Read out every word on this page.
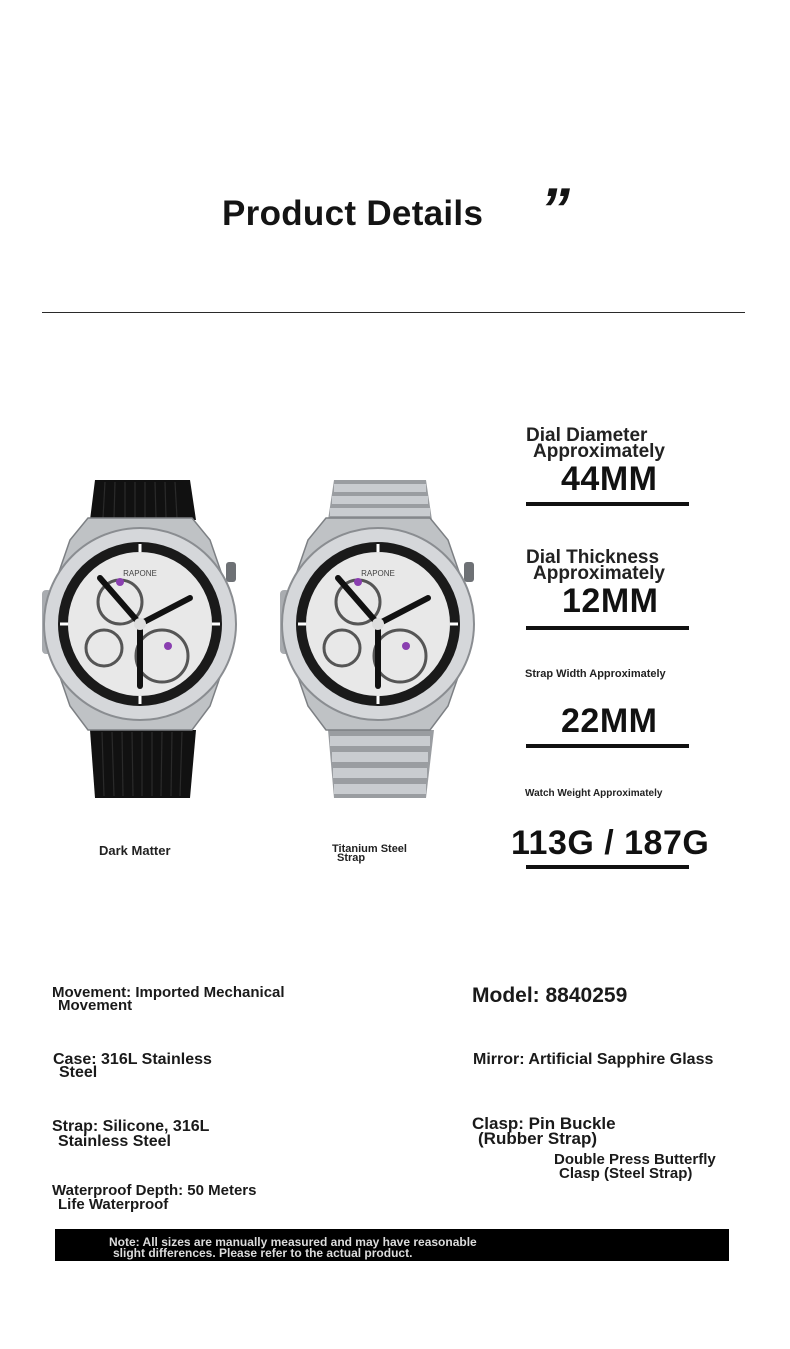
Product Details ”
RAPONE	RAPONE
Dark Matter	Titanium Steel
Strap
Dial Diameter
Approximately
44MM
Dial Thickness
Approximately
12MM
Strap Width Approximately
22MM
Watch Weight Approximately
113G / 187G
Movement: Imported Mechanical
Movement
Case: 316L Stainless
Steel
Strap: Silicone, 316L
Stainless Steel
Waterproof Depth: 50 Meters
Life Waterproof
Model: 8840259
Mirror: Artificial Sapphire Glass
Clasp: Pin Buckle
(Rubber Strap)
Double Press Butterfly
Clasp (Steel Strap)
Note: All sizes are manually measured and may have reasonable
slight differences. Please refer to the actual product.
